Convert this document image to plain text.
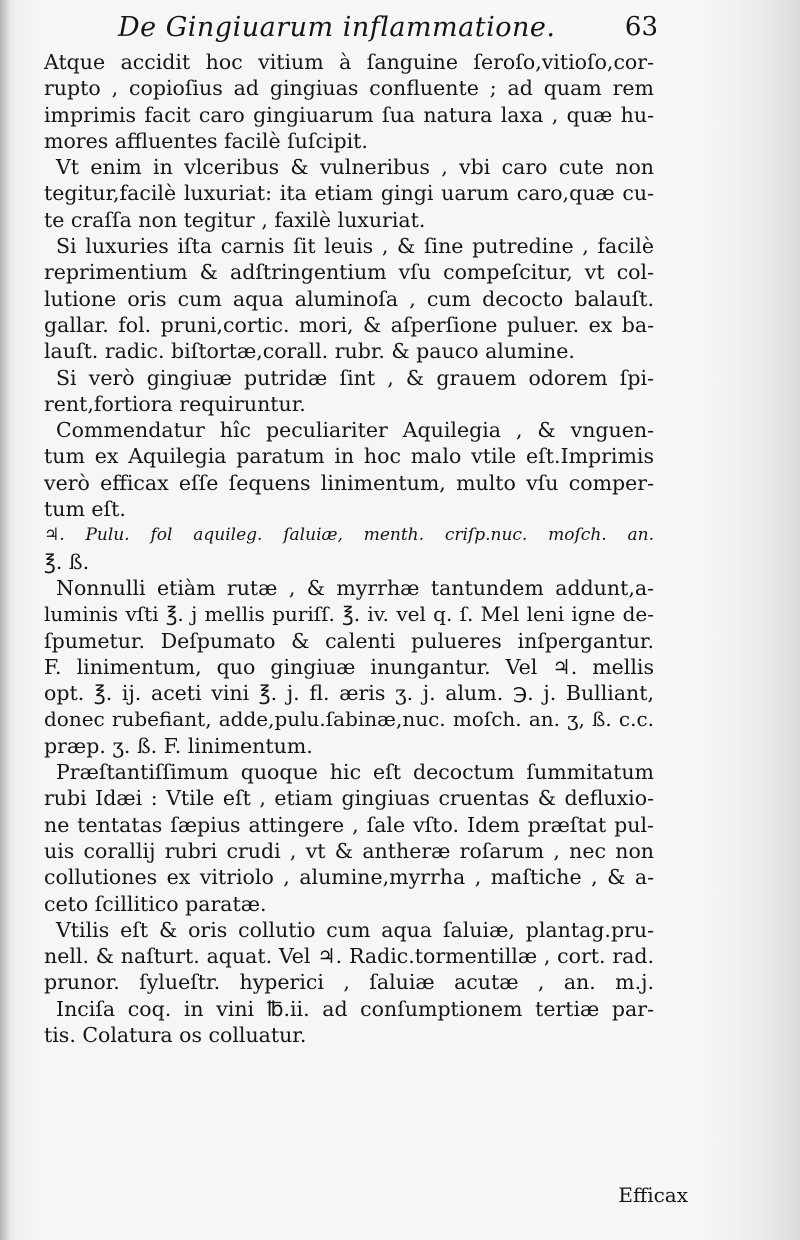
De Gingiuarum inflammatione.	63
Atque accidit hoc vitium à ſanguine ſeroſo,vitioſo,cor-
rupto , copioſius ad gingiuas confluente ; ad quam rem
imprimis facit caro gingiuarum ſua natura laxa , quæ hu-
mores affluentes facilè ſuſcipit.
Vt enim in vlceribus & vulneribus , vbi caro cute non
tegitur,facilè luxuriat: ita etiam gingi uarum caro,quæ cu-
te craſſa non tegitur , faxilè luxuriat.
Si luxuries iſta carnis ſit leuis , & ſine putredine , facilè
reprimentium & adſtringentium vſu compeſcitur, vt col-
lutione oris cum aqua aluminoſa , cum decocto balauſt.
gallar. fol. pruni,cortic. mori, & aſperſione puluer. ex ba-
lauſt. radic. biſtortæ,corall. rubr. & pauco alumine.
Si verò gingiuæ putridæ ſint , & grauem odorem ſpi-
rent,fortiora requiruntur.
Commendatur hîc peculiariter Aquilegia , & vnguen-
tum ex Aquilegia paratum in hoc malo vtile eſt.Imprimis
verò efficax eſſe ſequens linimentum, multo vſu comper-
tum eſt.
♃. Pulu. fol aquileg. ſaluiæ, menth. criſp.nuc. moſch. an.
℥. ß.
Nonnulli etiàm rutæ , & myrrhæ tantundem addunt,a-
luminis vſti ℥. j mellis puriſſ. ℥. iv. vel q. ſ. Mel leni igne de-
ſpumetur. Deſpumato & calenti pulueres inſpergantur.
F. linimentum, quo gingiuæ inungantur. Vel ♃. mellis
opt. ℥. ij. aceti vini ℥. j. fl. æris ʒ. j. alum. ℈. j. Bulliant,
donec rubefiant, adde,pulu.ſabinæ,nuc. moſch. an. ʒ, ß. c.c.
præp. ʒ. ß. F. linimentum.
Præſtantiſſimum quoque hic eſt decoctum ſummitatum
rubi Idæi : Vtile eſt , etiam gingiuas cruentas & defluxio-
ne tentatas ſæpius attingere , ſale vſto. Idem præſtat pul-
uis corallij rubri crudi , vt & antheræ roſarum , nec non
collutiones ex vitriolo , alumine,myrrha , maſtiche , & a-
ceto ſcillitico paratæ.
Vtilis eſt & oris collutio cum aqua ſaluiæ, plantag.pru-
nell. & naſturt. aquat. Vel ♃. Radic.tormentillæ , cort. rad.
prunor. ſylueſtr. hyperici , ſaluiæ acutæ , an. m.j.
Inciſa coq. in vini ℔.ii. ad conſumptionem tertiæ par-
tis. Colatura os colluatur.
Efficax
